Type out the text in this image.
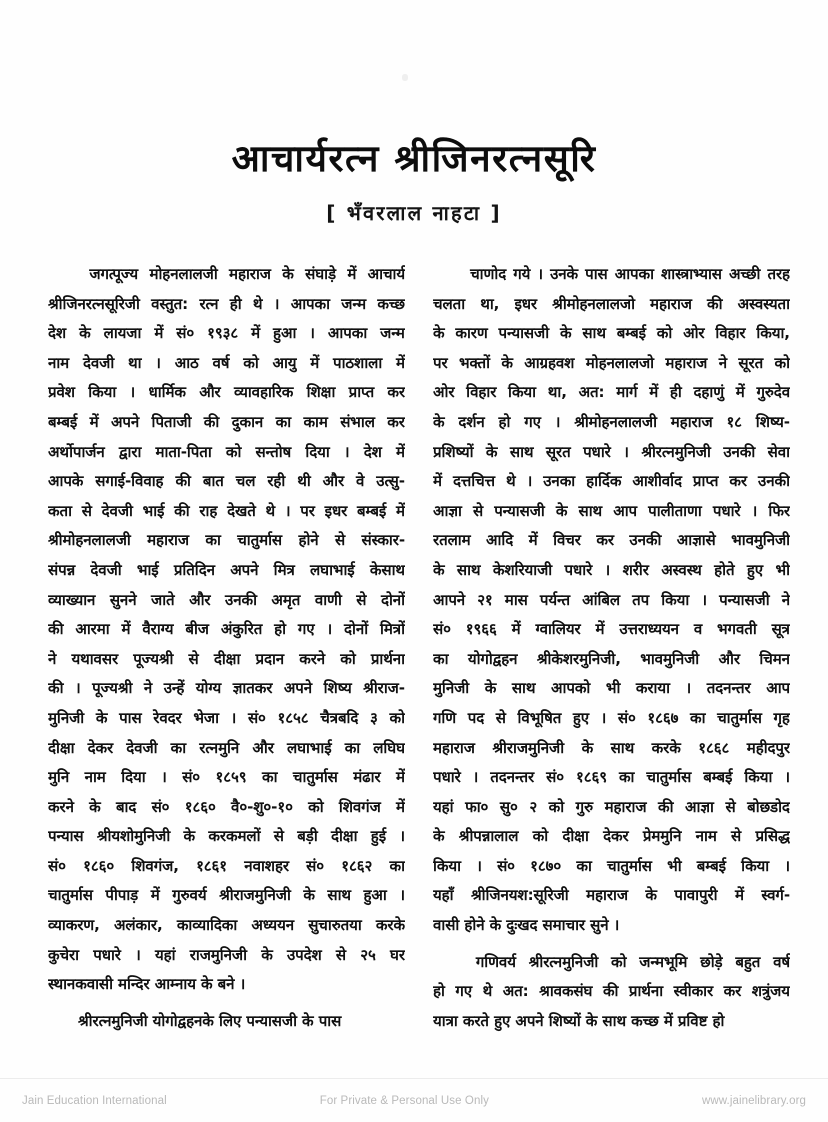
आचार्यरत्न श्रीजिनरत्नसूरि
[ भँवरलाल नाहटा ]
जगत्पूज्य मोहनलालजी महाराज के संघाड़े में आचार्य
श्रीजिनरत्नसूरिजी वस्तुत: रत्न ही थे । आपका जन्म कच्छ
देश के लायजा में सं० १९३८ में हुआ । आपका जन्म
नाम देवजी था । आठ वर्ष को आयु में पाठशाला में
प्रवेश किया । धार्मिक और व्यावहारिक शिक्षा प्राप्त कर
बम्बई में अपने पिताजी की दुकान का काम संभाल कर
अर्थोपार्जन द्वारा माता-पिता को सन्तोष दिया । देश में
आपके सगाई-विवाह की बात चल रही थी और वे उत्सु-
कता से देवजी भाई की राह देखते थे । पर इधर बम्बई में
श्रीमोहनलालजी महाराज का चातुर्मास होने से संस्कार-
संपन्न देवजी भाई प्रतिदिन अपने मित्र लघाभाई केसाथ
व्याख्यान सुनने जाते और उनकी अमृत वाणी से दोनों
की आरमा में वैराग्य बीज अंकुरित हो गए । दोनों मित्रों
ने यथावसर पूज्यश्री से दीक्षा प्रदान करने को प्रार्थना
की । पूज्यश्री ने उन्हें योग्य ज्ञातकर अपने शिष्य श्रीराज-
मुनिजी के पास रेवदर भेजा । सं० १८५८ चैत्रबदि ३ को
दीक्षा देकर देवजी का रत्नमुनि और लघाभाई का लघिघ
मुनि नाम दिया । सं० १८५९ का चातुर्मास मंढार में
करने के बाद सं० १८६० वै०-शु०-१० को शिवगंज में
पन्यास श्रीयशोमुनिजी के करकमलों से बड़ी दीक्षा हुई ।
सं० १८६० शिवगंज, १८६१ नवाशहर सं० १८६२ का
चातुर्मास पीपाड़ में गुरुवर्य श्रीराजमुनिजी के साथ हुआ ।
व्याकरण, अलंकार, काव्यादिका अध्ययन सुचारुतया करके
कुचेरा पधारे । यहां राजमुनिजी के उपदेश से २५ घर
स्थानकवासी मन्दिर आम्नाय के बने ।
श्रीरत्नमुनिजी योगोद्वहनके लिए पन्यासजी के पास
चाणोद गये । उनके पास आपका शास्त्राभ्यास अच्छी तरह
चलता था, इधर श्रीमोहनलालजो महाराज की अस्वस्यता
के कारण पन्यासजी के साथ बम्बई को ओर विहार किया,
पर भक्तों के आग्रहवश मोहनलालजो महाराज ने सूरत को
ओर विहार किया था, अत: मार्ग में ही दहाणुं में गुरुदेव
के दर्शन हो गए । श्रीमोहनलालजी महाराज १८ शिष्य-
प्रशिष्यों के साथ सूरत पधारे । श्रीरत्नमुनिजी उनकी सेवा
में दत्तचित्त थे । उनका हार्दिक आशीर्वाद प्राप्त कर उनकी
आज्ञा से पन्यासजी के साथ आप पालीताणा पधारे । फिर
रतलाम आदि में विचर कर उनकी आज्ञासे भावमुनिजी
के साथ केशरियाजी पधारे । शरीर अस्वस्थ होते हुए भी
आपने २१ मास पर्यन्त आंबिल तप किया । पन्यासजी ने
सं० १९६६ में ग्वालियर में उत्तराध्ययन व भगवती सूत्र
का योगोद्वहन श्रीकेशरमुनिजी, भावमुनिजी और चिमन
मुनिजी के साथ आपको भी कराया । तदनन्तर आप
गणि पद से विभूषित हुए । सं० १८६७ का चातुर्मास गृह
महाराज श्रीराजमुनिजी के साथ करके १८६८ महीदपुर
पधारे । तदनन्तर सं० १८६९ का चातुर्मास बम्बई किया ।
यहां फा० सु० २ को गुरु महाराज की आज्ञा से बोछडोद
के श्रीपन्नालाल को दीक्षा देकर प्रेममुनि नाम से प्रसिद्ध
किया । सं० १८७० का चातुर्मास भी बम्बई किया ।
यहाँ श्रीजिनयश:सूरिजी महाराज के पावापुरी में स्वर्ग-
वासी होने के दुःखद समाचार सुने ।
गणिवर्य श्रीरत्नमुनिजी को जन्मभूमि छोड़े बहुत वर्ष
हो गए थे अत: श्रावकसंघ की प्रार्थना स्वीकार कर शत्रुंजय
यात्रा करते हुए अपने शिष्यों के साथ कच्छ में प्रविष्ट हो
Jain Education International	For Private & Personal Use Only	www.jainelibrary.org
